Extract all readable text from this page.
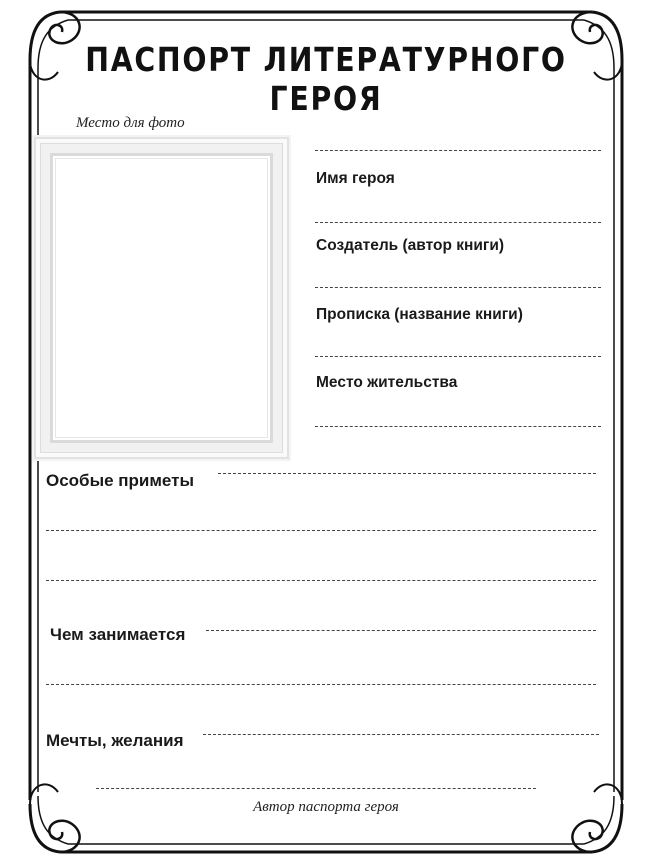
ПАСПОРТ ЛИТЕРАТУРНОГО ГЕРОЯ
Место для фото
Имя героя
Создатель (автор книги)
Прописка (название книги)
Место жительства
Особые приметы
Чем занимается
Мечты, желания
Автор паспорта героя
